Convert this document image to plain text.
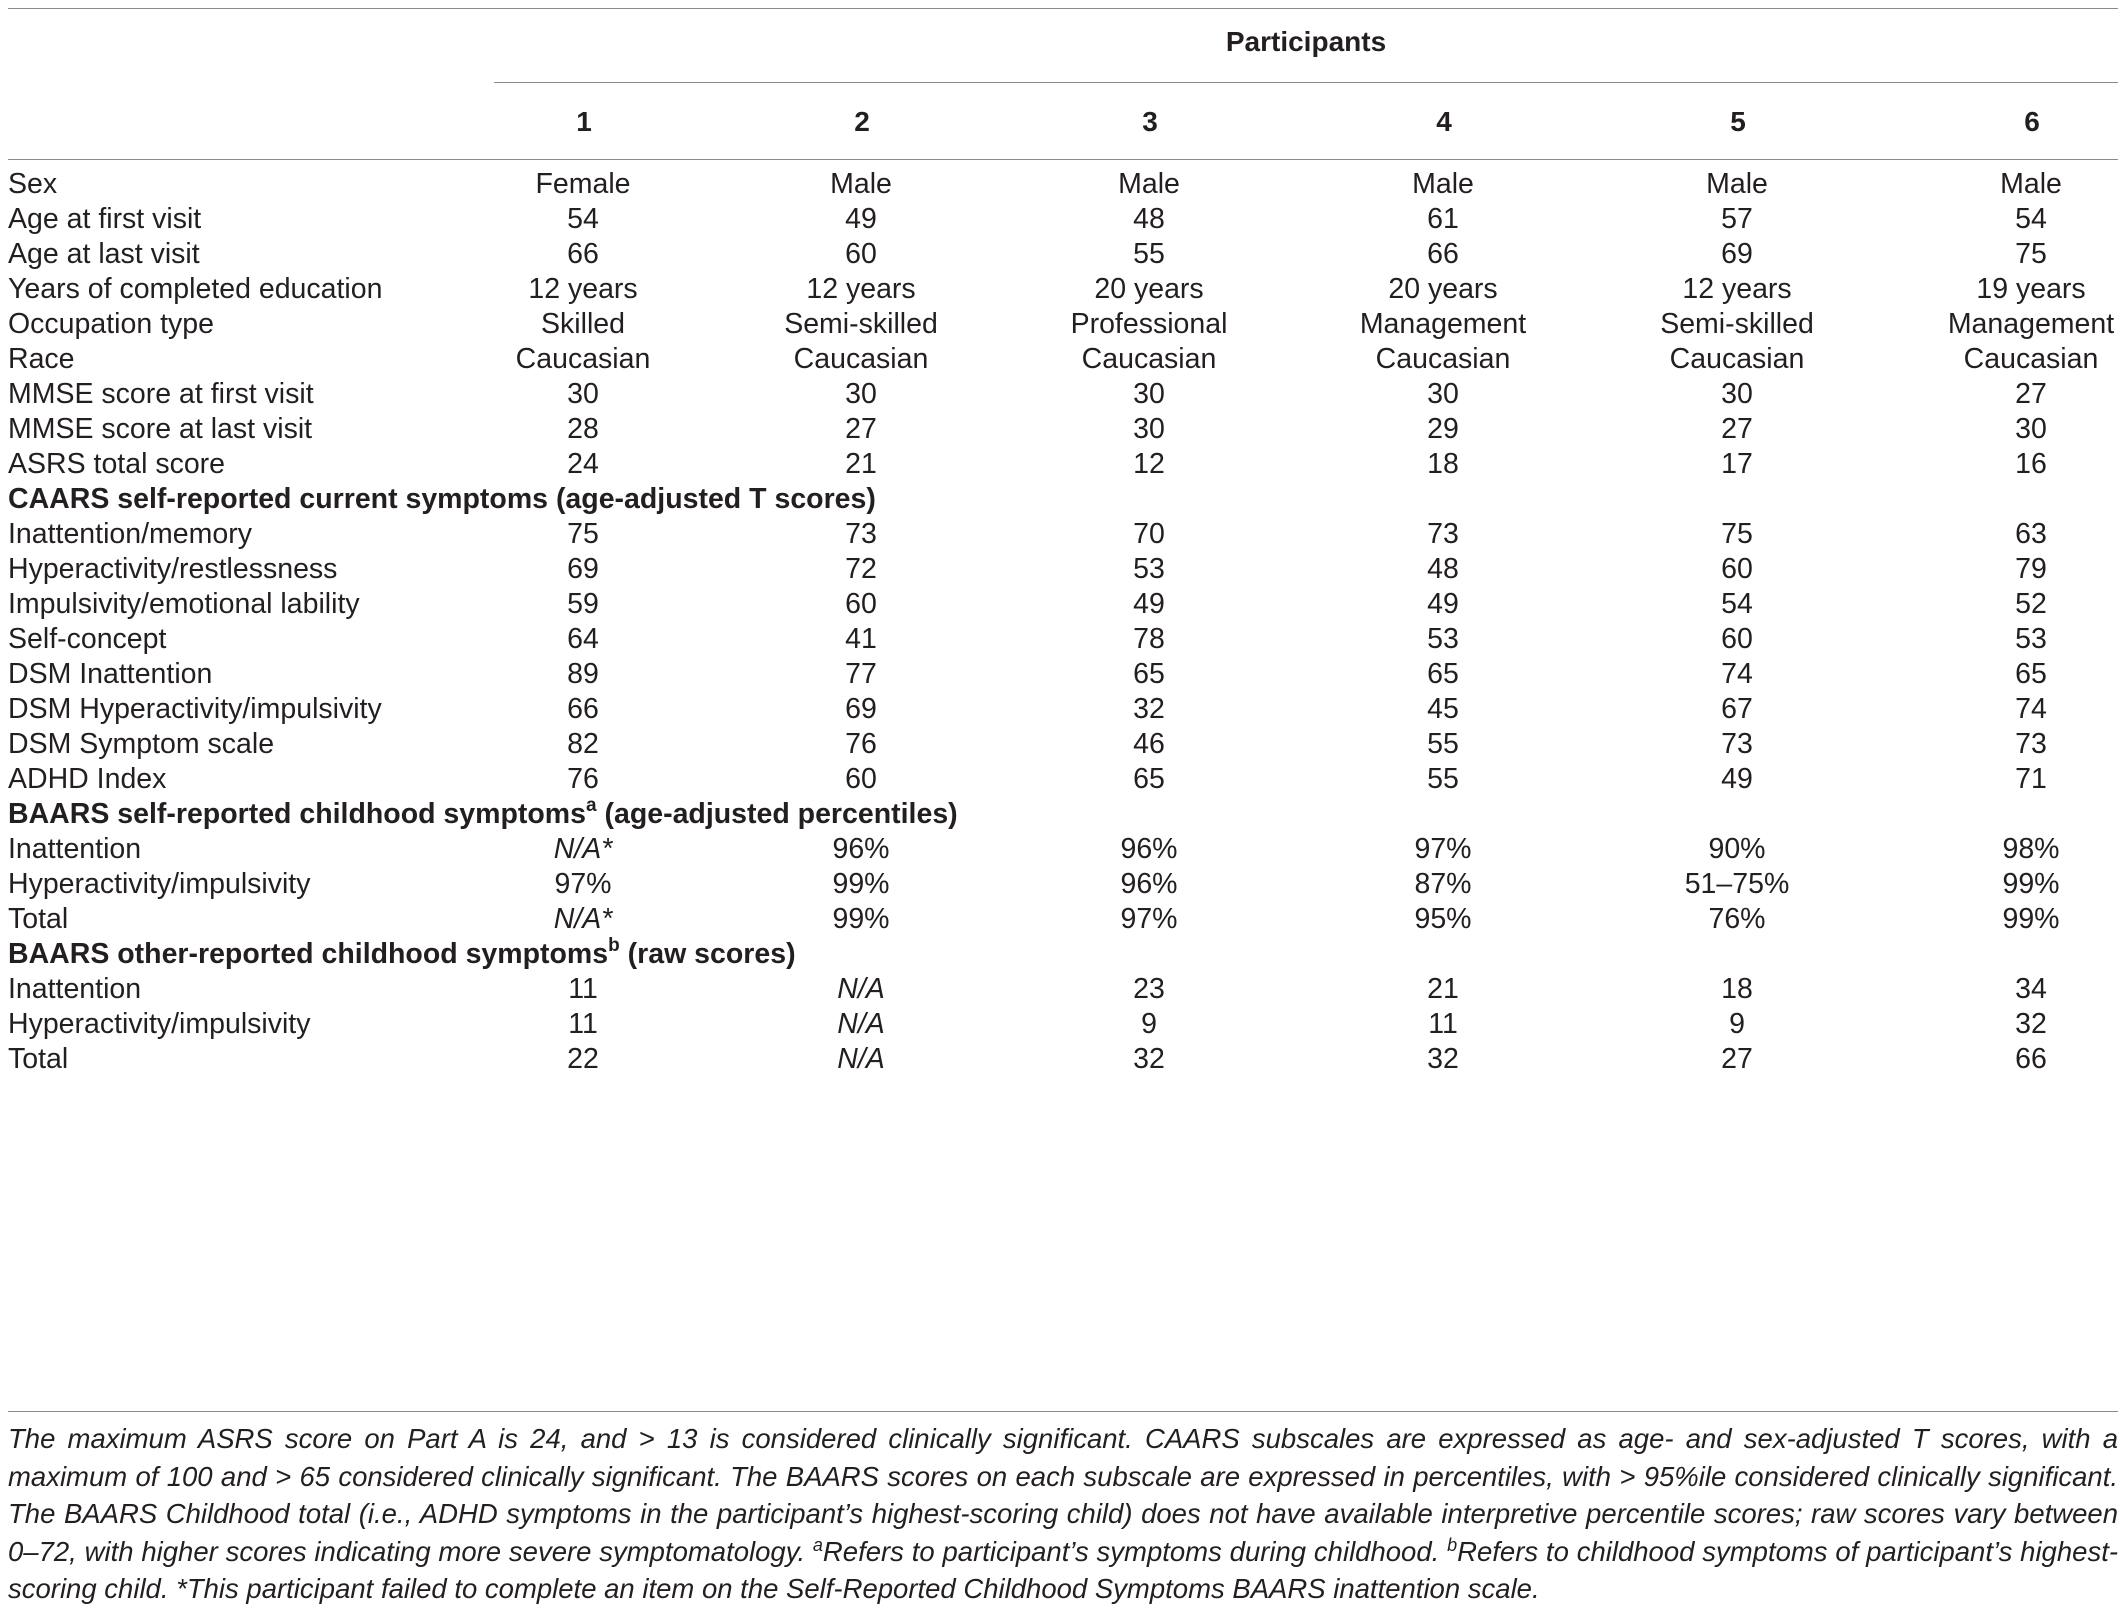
Participants
1	2	3	4	5	6
Sex	Female	Male	Male	Male	Male	Male
Age at first visit	54	49	48	61	57	54
Age at last visit	66	60	55	66	69	75
Years of completed education	12 years	12 years	20 years	20 years	12 years	19 years
Occupation type	Skilled	Semi-skilled	Professional	Management	Semi-skilled	Management
Race	Caucasian	Caucasian	Caucasian	Caucasian	Caucasian	Caucasian
MMSE score at first visit	30	30	30	30	30	27
MMSE score at last visit	28	27	30	29	27	30
ASRS total score	24	21	12	18	17	16
CAARS self-reported current symptoms (age-adjusted T scores)
Inattention/memory	75	73	70	73	75	63
Hyperactivity/restlessness	69	72	53	48	60	79
Impulsivity/emotional lability	59	60	49	49	54	52
Self-concept	64	41	78	53	60	53
DSM Inattention	89	77	65	65	74	65
DSM Hyperactivity/impulsivity	66	69	32	45	67	74
DSM Symptom scale	82	76	46	55	73	73
ADHD Index	76	60	65	55	49	71
BAARS self-reported childhood symptoms$^a$ (age-adjusted percentiles)
Inattention	N/A*	96%	96%	97%	90%	98%
Hyperactivity/impulsivity	97%	99%	96%	87%	51–75%	99%
Total	N/A*	99%	97%	95%	76%	99%
BAARS other-reported childhood symptoms$^b$ (raw scores)
Inattention	11	N/A	23	21	18	34
Hyperactivity/impulsivity	11	N/A	9	11	9	32
Total	22	N/A	32	32	27	66
The maximum ASRS score on Part A is 24, and > 13 is considered clinically significant. CAARS subscales are expressed as age- and sex-adjusted T scores, with a maximum of 100 and > 65 considered clinically significant. The BAARS scores on each subscale are expressed in percentiles, with > 95%ile considered clinically significant. The BAARS Childhood total (i.e., ADHD symptoms in the participant’s highest-scoring child) does not have available interpretive percentile scores; raw scores vary between 0–72, with higher scores indicating more severe symptomatology. $^a$Refers to participant’s symptoms during childhood. $^b$Refers to childhood symptoms of participant’s highest-scoring child. *This participant failed to complete an item on the Self-Reported Childhood Symptoms BAARS inattention scale.
